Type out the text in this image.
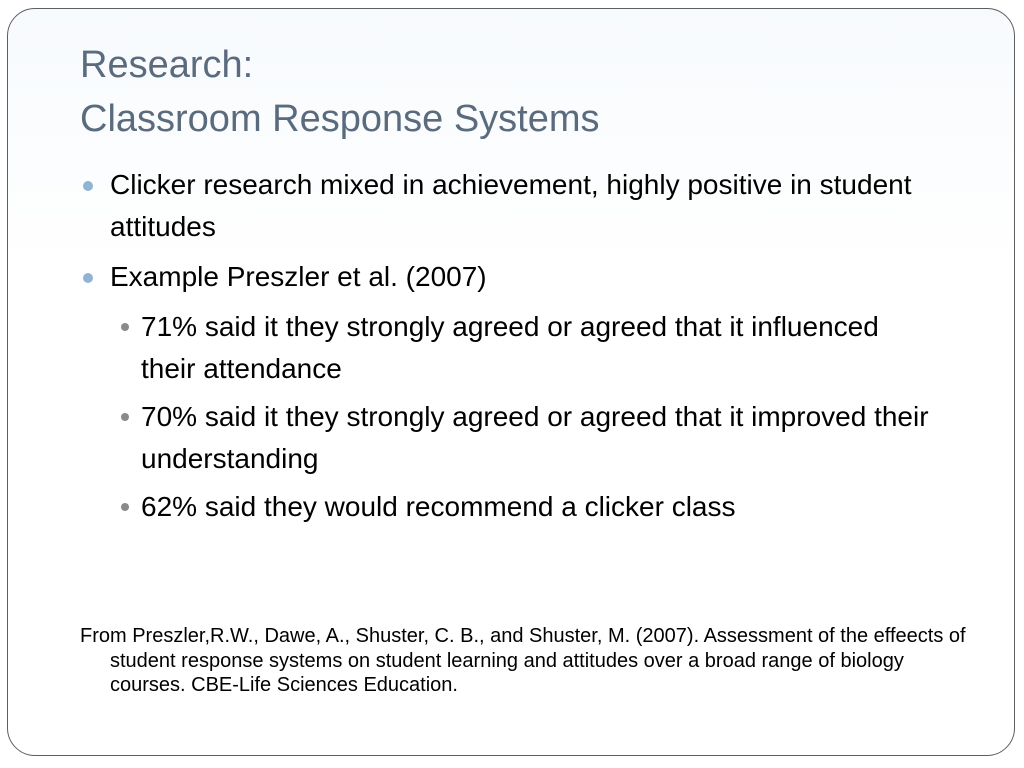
Research:
Classroom Response Systems
Clicker research mixed in achievement, highly positive in student attitudes
Example Preszler et al. (2007)
71% said it they strongly agreed or agreed that it influenced their attendance
70% said it they strongly agreed or agreed that it improved their understanding
62% said they would recommend a clicker class
From Preszler,R.W., Dawe, A., Shuster, C. B., and Shuster, M. (2007). Assessment of the effeects of student response systems on student learning and attitudes over a broad range of biology courses. CBE-Life Sciences Education.
